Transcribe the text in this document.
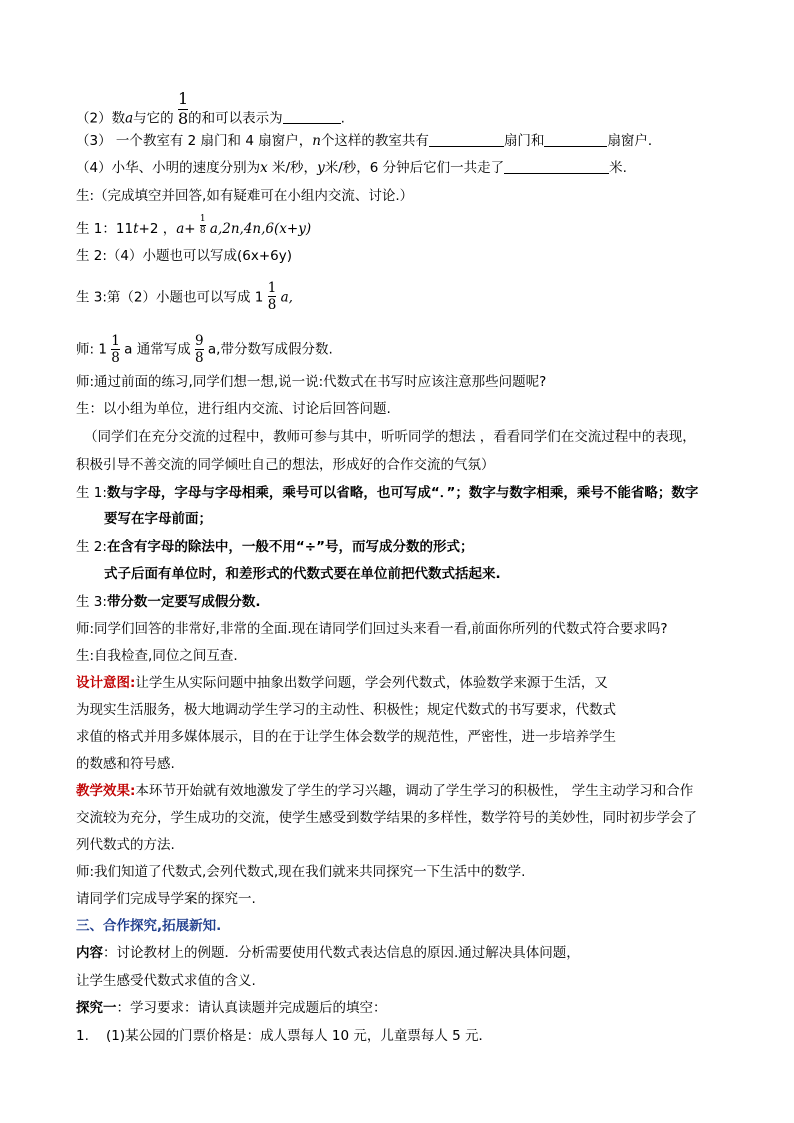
（2）数a与它的 $\frac{1}{8}$ 的和可以表示为	.
（3） 一个教室有 2 扇门和 4 扇窗户，n个这样的教室共有	扇门和	扇窗户．
（4）小华、小明的速度分别为x 米/秒，y米/秒，6 分钟后它们一共走了	米.
生:（完成填空并回答,如有疑难可在小组内交流、讨论.）
生 1：11t+2 ，$a+ \frac{1}{8} a,2n,4n,6(x+y)$
生 2:（4）小题也可以写成(6x+6y)
生 3:第（2）小题也可以写成 $1 \frac{1}{8} a$,
师: $1 \frac{1}{8}$ a 通常写成 $\frac{9}{8} a$,带分数写成假分数.
师:通过前面的练习,同学们想一想,说一说:代数式在书写时应该注意那些问题呢?
生：以小组为单位，进行组内交流、讨论后回答问题.
（同学们在充分交流的过程中，教师可参与其中，听听同学的想法 ，看看同学们在交流过程中的表现，
积极引导不善交流的同学倾吐自己的想法，形成好的合作交流的气氛）
生 1:数与字母，字母与字母相乘，乘号可以省略，也可写成“．”；数字与数字相乘，乘号不能省略；数字
要写在字母前面；
生 2:在含有字母的除法中，一般不用“÷”号，而写成分数的形式；
式子后面有单位时，和差形式的代数式要在单位前把代数式括起来.
生 3:带分数一定要写成假分数.
师:同学们回答的非常好,非常的全面.现在请同学们回过头来看一看,前面你所列的代数式符合要求吗?
生:自我检查,同位之间互查.
设计意图:让学生从实际问题中抽象出数学问题，学会列代数式，体验数学来源于生活，又
为现实生活服务，极大地调动学生学习的主动性、积极性；规定代数式的书写要求，代数式
求值的格式并用多媒体展示，目的在于让学生体会数学的规范性，严密性，进一步培养学生
的数感和符号感.
教学效果:本环节开始就有效地激发了学生的学习兴趣，调动了学生学习的积极性， 学生主动学习和合作
交流较为充分，学生成功的交流，使学生感受到数学结果的多样性，数学符号的美妙性，同时初步学会了
列代数式的方法.
师:我们知道了代数式,会列代数式,现在我们就来共同探究一下生活中的数学.
请同学们完成导学案的探究一.
三、合作探究,拓展新知.
内容：讨论教材上的例题．分析需要使用代数式表达信息的原因.通过解决具体问题，
让学生感受代数式求值的含义.
探究一：学习要求：请认真读题并完成题后的填空：
1. (1)某公园的门票价格是：成人票每人 10 元，儿童票每人 5 元．
